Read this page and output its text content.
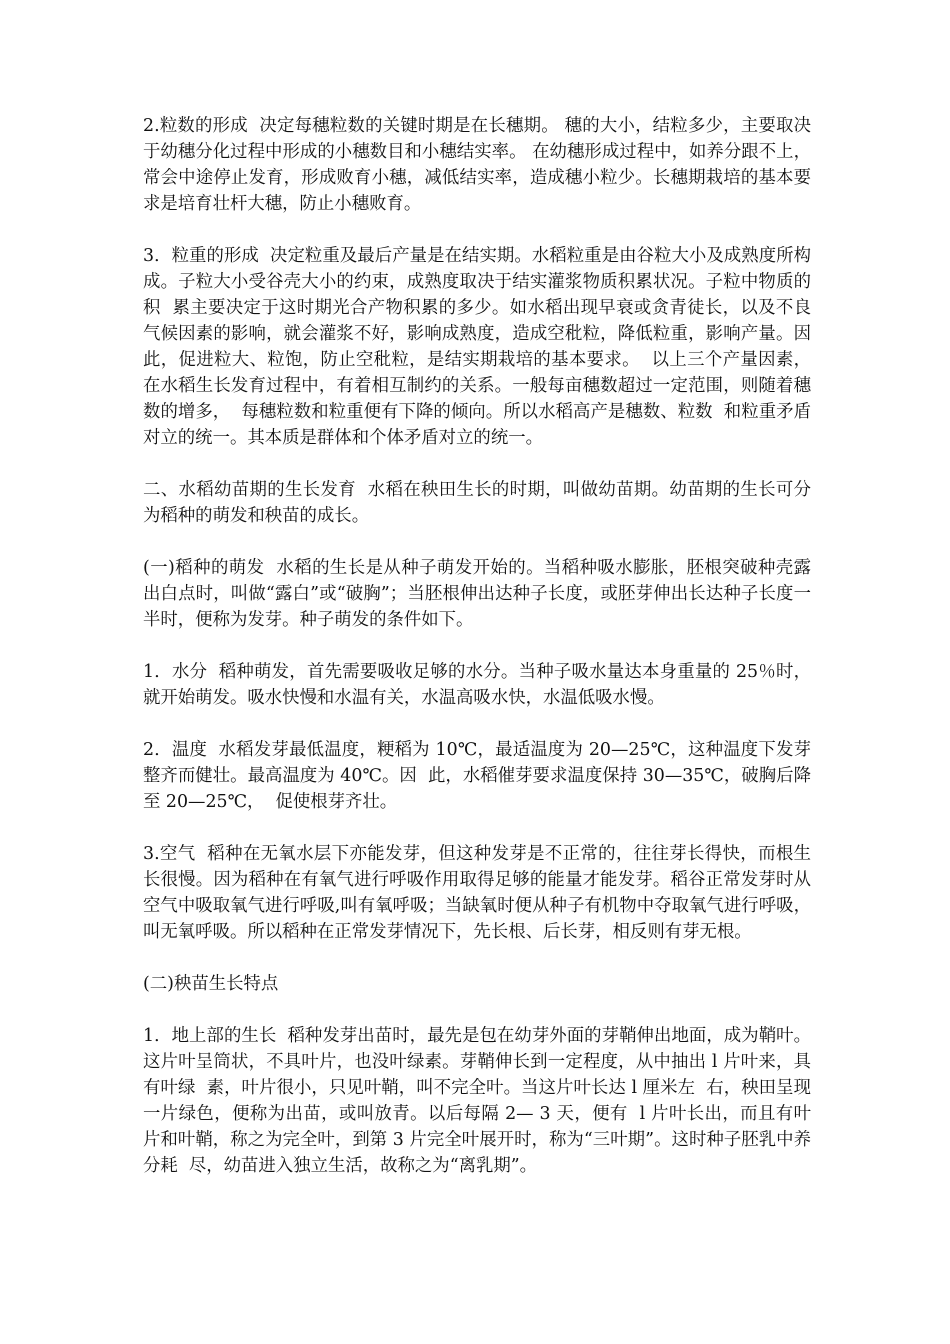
2.粒数的形成  决定每穗粒数的关键时期是在长穗期。 穗的大小，结粒多少，主要取决于幼穗分化过程中形成的小穗数目和小穗结实率。 在幼穗形成过程中，如养分跟不上，常会中途停止发育，形成败育小穗，减低结实率，造成穗小粒少。长穗期栽培的基本要求是培育壮杆大穗，防止小穗败育。

3．粒重的形成  决定粒重及最后产量是在结实期。水稻粒重是由谷粒大小及成熟度所构成。子粒大小受谷壳大小的约束，成熟度取决于结实灌浆物质积累状况。子粒中物质的积  累主要决定于这时期光合产物积累的多少。如水稻出现早衰或贪青徒长，以及不良气候因素的影响，就会灌浆不好，影响成熟度，造成空秕粒，降低粒重，影响产量。因此，促进粒大、粒饱，防止空秕粒，是结实期栽培的基本要求。  以上三个产量因素，在水稻生长发育过程中，有着相互制约的关系。一般每亩穗数超过一定范围，则随着穗数的增多，  每穗粒数和粒重便有下降的倾向。所以水稻高产是穗数、粒数  和粒重矛盾对立的统一。其本质是群体和个体矛盾对立的统一。

二、水稻幼苗期的生长发育  水稻在秧田生长的时期，叫做幼苗期。幼苗期的生长可分  为稻种的萌发和秧苗的成长。

(一)稻种的萌发  水稻的生长是从种子萌发开始的。当稻种吸水膨胀，胚根突破种壳露出白点时，叫做“露白”或“破胸”；当胚根伸出达种子长度，或胚芽伸出长达种子长度一半时，便称为发芽。种子萌发的条件如下。

1．水分  稻种萌发，首先需要吸收足够的水分。当种子吸水量达本身重量的 25％时，就开始萌发。吸水快慢和水温有关，水温高吸水快，水温低吸水慢。

2．温度  水稻发芽最低温度，粳稻为 10℃，最适温度为 20—25℃，这种温度下发芽整齐而健壮。最高温度为 40℃。因  此，水稻催芽要求温度保持 30—35℃，破胸后降至 20—25℃，  促使根芽齐壮。

3.空气  稻种在无氧水层下亦能发芽，但这种发芽是不正常的，往往芽长得快，而根生长很慢。因为稻种在有氧气进行呼吸作用取得足够的能量才能发芽。稻谷正常发芽时从空气中吸取氧气进行呼吸,叫有氧呼吸；当缺氧时便从种子有机物中夺取氧气进行呼吸，叫无氧呼吸。所以稻种在正常发芽情况下，先长根、后长芽，相反则有芽无根。

(二)秧苗生长特点

1．地上部的生长  稻种发芽出苗时，最先是包在幼芽外面的芽鞘伸出地面，成为鞘叶。这片叶呈筒状，不具叶片，也没叶绿素。芽鞘伸长到一定程度，从中抽出 l 片叶来，具有叶绿  素，叶片很小，只见叶鞘，叫不完全叶。当这片叶长达 l 厘米左  右，秧田呈现一片绿色，便称为出苗，或叫放青。以后每隔 2— 3 天，便有  l 片叶长出，而且有叶片和叶鞘，称之为完全叶，到第 3 片完全叶展开时，称为“三叶期”。这时种子胚乳中养分耗  尽，幼苗进入独立生活，故称之为“离乳期”。
